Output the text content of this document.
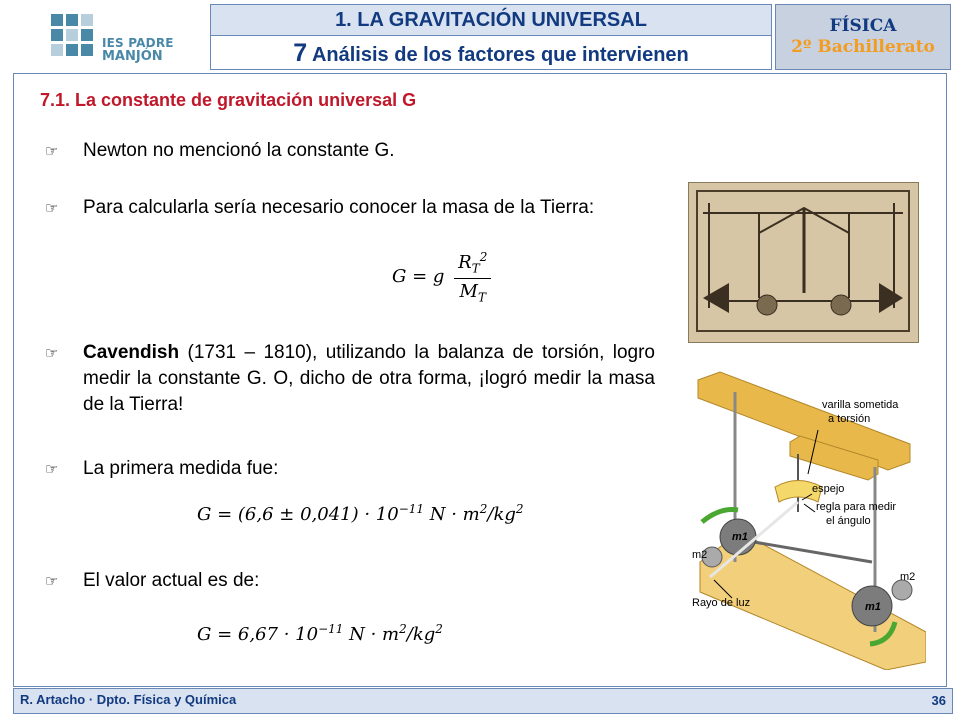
IES PADRE
MANJÓN
1. LA GRAVITACIÓN UNIVERSAL
7 Análisis de los factores que intervienen
FÍSICA
2º Bachillerato
7.1. La constante de gravitación universal G
☞	Newton no mencionó la constante G.
☞	Para calcularla sería necesario conocer la masa de la Tierra:
G = g $\frac{R_T^2}{M_T}$
☞	Cavendish (1731 – 1810), utilizando la balanza de torsión, logro medir la constante G. O, dicho de otra forma, ¡logró medir la masa de la Tierra!
☞	La primera medida fue:
$G = (6,6 \pm 0,041) \cdot 10^{-11}$ $N \cdot m^2/kg^2$
☞	El valor actual es de:
$G = 6,67 \cdot 10^{-11}$ $N \cdot m^2/kg^2$
varilla sometida
a torsión
espejo
regla para medir
el ángulo
m1
m1
m2
m2
Rayo de luz
R. Artacho · Dpto. Física y Química	36
